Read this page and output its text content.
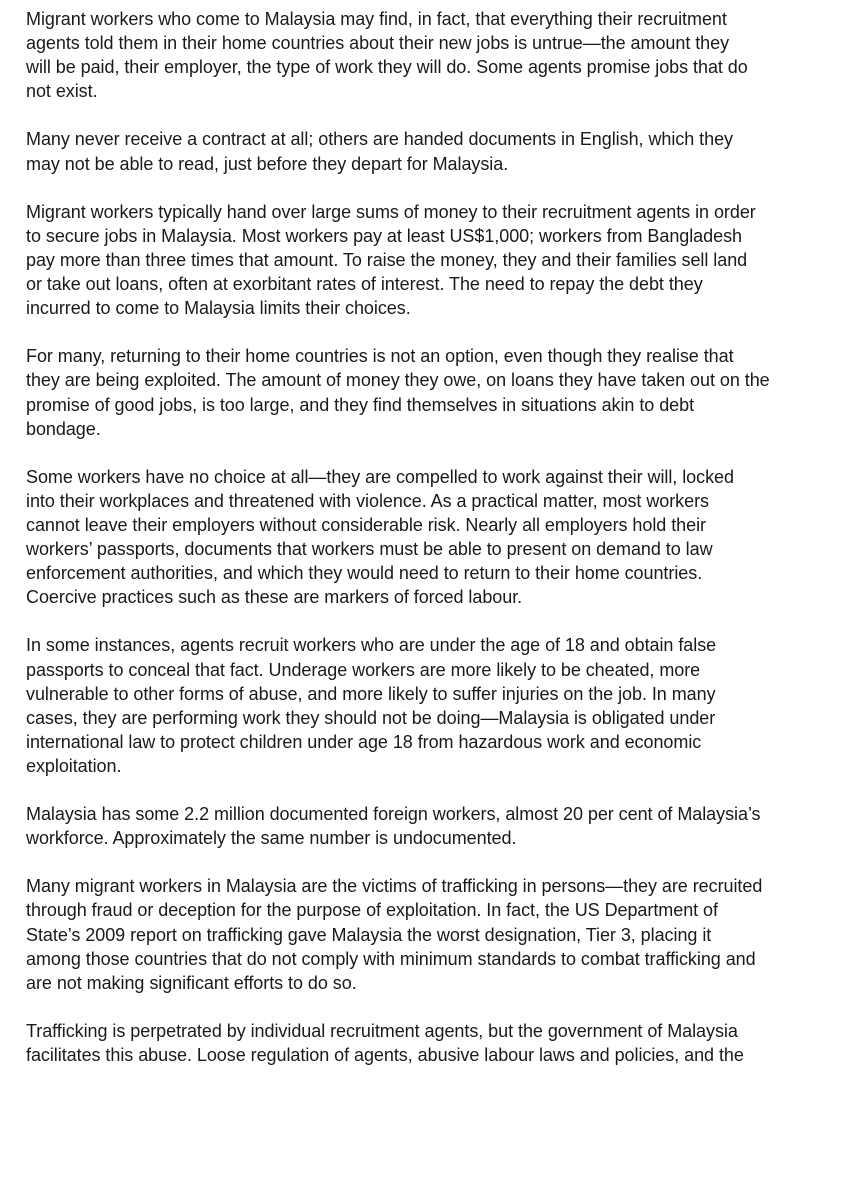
Migrant workers who come to Malaysia may find, in fact, that everything their recruitment
agents told them in their home countries about their new jobs is untrue—the amount they
will be paid, their employer, the type of work they will do. Some agents promise jobs that do
not exist.

Many never receive a contract at all; others are handed documents in English, which they
may not be able to read, just before they depart for Malaysia.

Migrant workers typically hand over large sums of money to their recruitment agents in order
to secure jobs in Malaysia. Most workers pay at least US$1,000; workers from Bangladesh
pay more than three times that amount. To raise the money, they and their families sell land
or take out loans, often at exorbitant rates of interest. The need to repay the debt they
incurred to come to Malaysia limits their choices.

For many, returning to their home countries is not an option, even though they realise that
they are being exploited. The amount of money they owe, on loans they have taken out on the
promise of good jobs, is too large, and they find themselves in situations akin to debt
bondage.

Some workers have no choice at all—they are compelled to work against their will, locked
into their workplaces and threatened with violence. As a practical matter, most workers
cannot leave their employers without considerable risk. Nearly all employers hold their
workers’ passports, documents that workers must be able to present on demand to law
enforcement authorities, and which they would need to return to their home countries.
Coercive practices such as these are markers of forced labour.

In some instances, agents recruit workers who are under the age of 18 and obtain false
passports to conceal that fact. Underage workers are more likely to be cheated, more
vulnerable to other forms of abuse, and more likely to suffer injuries on the job. In many
cases, they are performing work they should not be doing—Malaysia is obligated under
international law to protect children under age 18 from hazardous work and economic
exploitation.

Malaysia has some 2.2 million documented foreign workers, almost 20 per cent of Malaysia’s
workforce. Approximately the same number is undocumented.

Many migrant workers in Malaysia are the victims of trafficking in persons—they are recruited
through fraud or deception for the purpose of exploitation. In fact, the US Department of
State’s 2009 report on trafficking gave Malaysia the worst designation, Tier 3, placing it
among those countries that do not comply with minimum standards to combat trafficking and
are not making significant efforts to do so.

Trafficking is perpetrated by individual recruitment agents, but the government of Malaysia
facilitates this abuse. Loose regulation of agents, abusive labour laws and policies, and the
